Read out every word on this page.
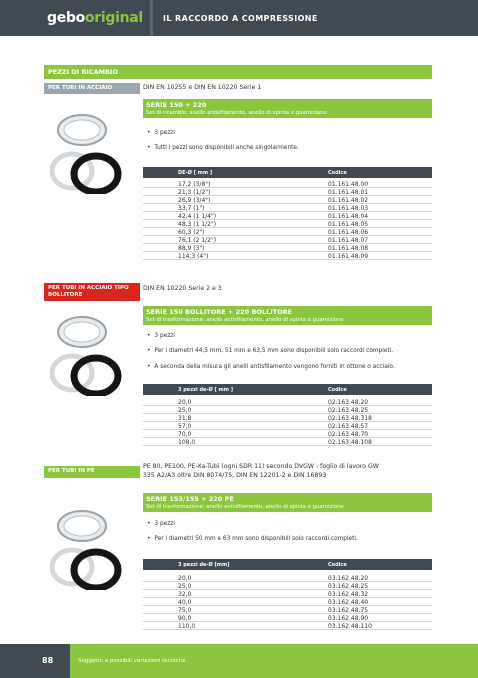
gebooriginal	IL RACCORDO A COMPRESSIONE
PEZZI DI RICAMBIO
PER TUBI IN ACCIAIO	DIN EN 10255 e DIN EN 10220 Serie 1
SERIE 150 + 220
Set di ricambio: anello antisfilamento, anello di spinta e guarnizione
• 3 pezzi
• Tutti i pezzi sono disponibili anche singolarmente.
DE-Ø [ mm ]	Codice
17,2 (3/8")	01.161.48.00
21,3 (1/2")	01.161.48.01
26,9 (3/4")	01.161.48.02
33,7 (1")	01.161.48.03
42,4 (1 1/4")	01.161.48.04
48,3 (1 1/2")	01.161.48.05
60,3 (2")	01.161.48.06
76,1 (2 1/2")	01.161.48.07
88,9 (3")	01.161.48.08
114,3 (4")	01.161.48.09
PER TUBI IN ACCIAIO TIPO BOLLITORE
DIN EN 10220 Serie 2 e 3
SERIE 150 BOLLITORE + 220 BOLLITORE
Set di trasformazione: anello antisfilamento, anello di spinta e guarnizione
• 3 pezzi
• Per i diametri 44,5 mm, 51 mm e 63,5 mm sono disponibili solo raccordi completi.
• A seconda della misura gli anelli antisfilamento vengono forniti in ottone o acciaio.
3 pezzi de-Ø [ mm ]	Codice
20,0	02.163.48.20
25,0	02.163.48.25
31,8	02.163.48.318
57,0	02.163.48.57
70,0	02.163.48.70
108,0	02.163.48.108
PER TUBI IN PE
PE 80, PE100, PE-Xa-Tubi (ogni SDR 11) secondo DVGW - foglio di lavoro GW
335 A2/A3 oltre DIN 8074/75, DIN EN 12201-2 e DIN 16893
SERIE 153/155 + 220 PE
Set di trasformazione: anello antisfilamento, anello di spinta e guarnizione
• 3 pezzi
• Per i diametri 50 mm e 63 mm sono disponibili solo raccordi completi.
3 pezzi de-Ø [mm]	Codice
20,0	03.162.48.20
25,0	03.162.48.25
32,0	03.162.48.32
40,0	03.162.48.40
75,0	03.162.48.75
90,0	03.162.48.90
110,0	03.162.48.110
88	Soggetto a possibili variazioni tecniche
